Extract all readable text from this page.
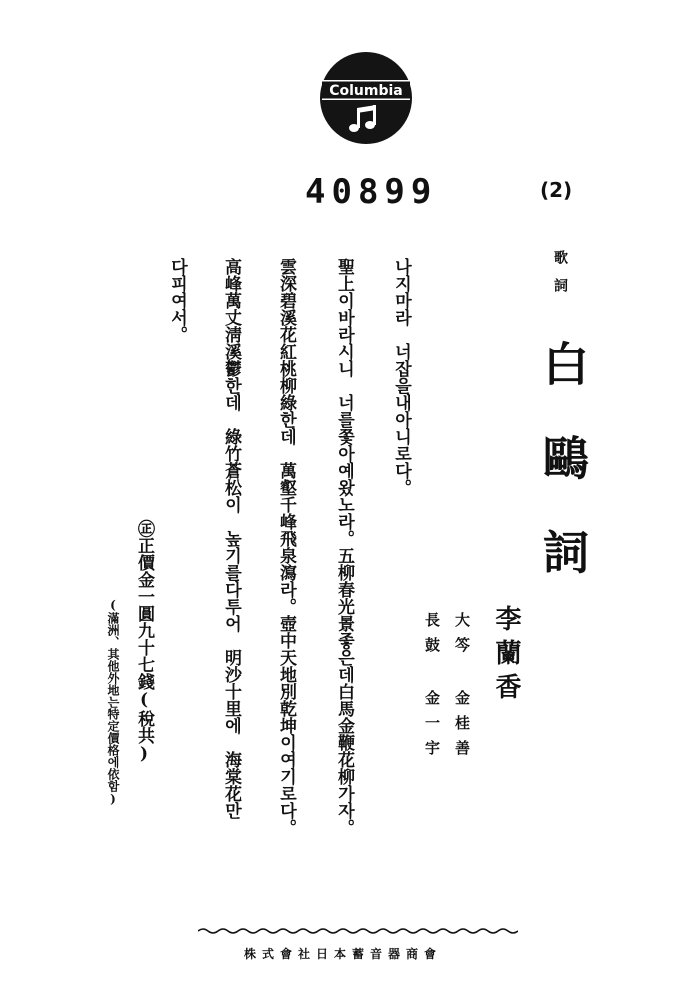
Columbia
40899	(2)
歌詞
白鷗詞
李蘭香
大笒 金桂善
長鼓 金一宇
나지마라　너잡을내아니로다。
聖上이바라시니　너를쫓아예왔노라。五柳春光景좋은데白馬金鞭花柳가자。
雲深碧溪花紅桃柳綠한데　萬壑千峰飛泉瀉라。壺中天地別乾坤이여기로다。
高峰萬丈淸溪鬱한데　綠竹蒼松이　높기를다투어　明沙十里에　海棠花만
다피여서。
㊣正價金一圓九十七錢(稅共)
(滿洲、其他外地는特定價格에依함)
株式會社日本蓄音器商會
